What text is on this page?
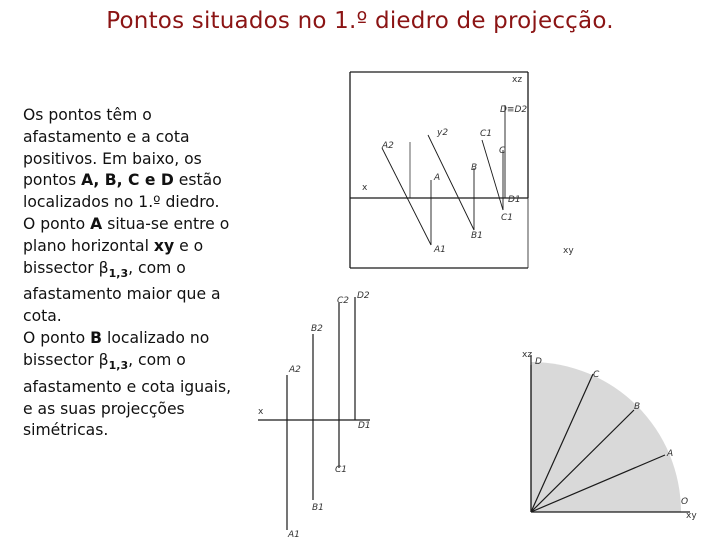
Pontos situados no 1.º diedro de projecção.

Os pontos têm o afastamento e a cota positivos. Em baixo, os pontos A, B, C e D estão localizados no 1.º diedro.

O ponto A situa-se entre o plano horizontal xy e o bissector $\beta_{1,3}$, com o afastamento maior que a cota.

O ponto B localizado no bissector $\beta_{1,3}$, com o afastamento e cota iguais, e as suas projecções simétricas.

xz
D≡D2
y2	C1
A2	C
B
A
x
D1
C1
B1
A1	xy
x
C2 D2
B2
A2
D1
C1
B1
A1
xz
D
C
B
A
O
xy
